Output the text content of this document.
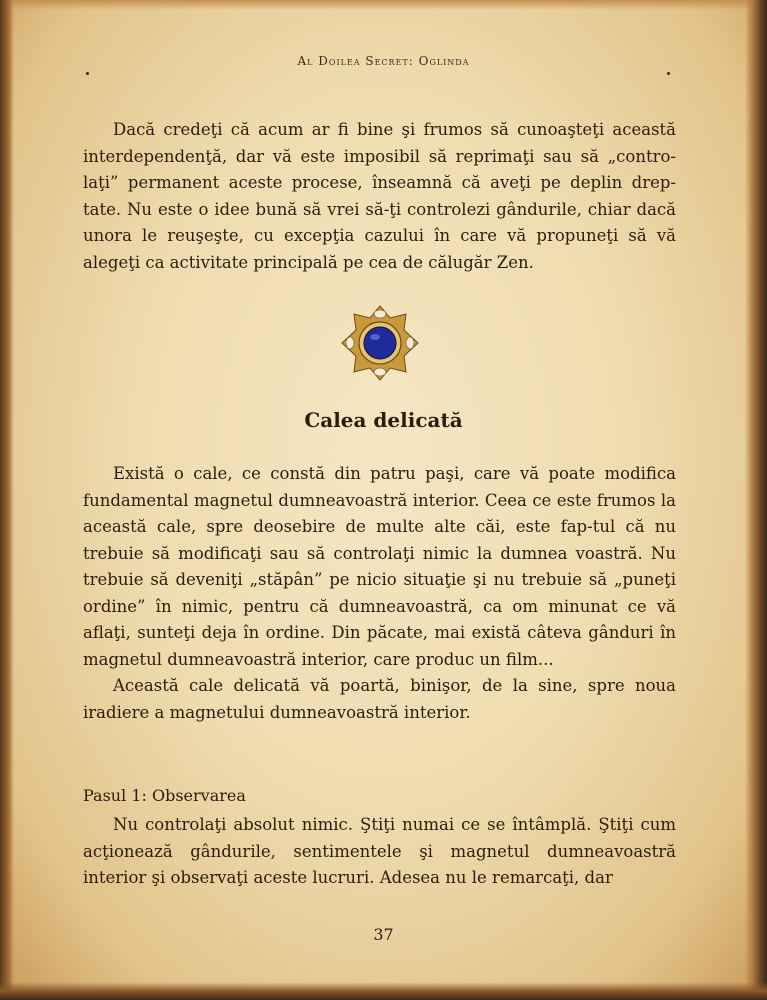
Al Doilea Secret: Oglinda

Dacă credeţi că acum ar fi bine şi frumos să cunoaşteţi această interdependenţă, dar vă este imposibil să reprimaţi sau să „contro-laţi” permanent aceste procese, înseamnă că aveţi pe deplin drep-tate. Nu este o idee bună să vrei să-ţi controlezi gândurile, chiar dacă unora le reuşeşte, cu excepţia cazului în care vă propuneţi să vă alegeţi ca activitate principală pe cea de călugăr Zen.

Calea delicată

Există o cale, ce constă din patru paşi, care vă poate modifica fundamental magnetul dumneavoastră interior. Ceea ce este frumos la această cale, spre deosebire de multe alte căi, este fap-tul că nu trebuie să modificaţi sau să controlaţi nimic la dumnea voastră. Nu trebuie să deveniţi „stăpân” pe nicio situaţie şi nu trebuie să „puneţi ordine” în nimic, pentru că dumneavoastră, ca om minunat ce vă aflaţi, sunteţi deja în ordine. Din păcate, mai există câteva gânduri în magnetul dumneavoastră interior, care produc un film...

Această cale delicată vă poartă, binişor, de la sine, spre noua iradiere a magnetului dumneavoastră interior.

Pasul 1: Observarea

Nu controlaţi absolut nimic. Ştiţi numai ce se întâmplă. Ştiţi cum acţionează gândurile, sentimentele şi magnetul dumneavoastră interior şi observaţi aceste lucruri. Adesea nu le remarcaţi, dar

37
